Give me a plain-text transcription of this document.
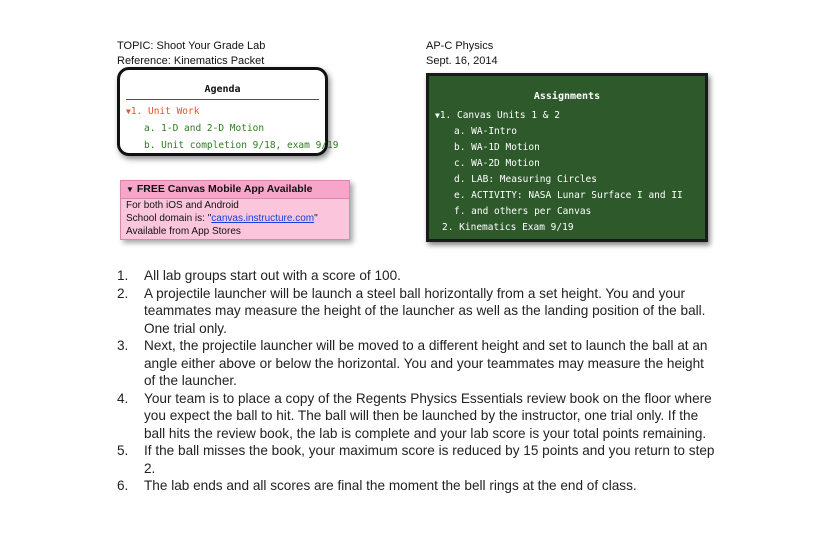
TOPIC: Shoot Your Grade Lab
Reference: Kinematics Packet
AP-C Physics
Sept. 16, 2014
Agenda
▼1. Unit Work
a. 1-D and 2-D Motion
b. Unit completion 9/18, exam 9/19
▼ FREE Canvas Mobile App Available
For both iOS and Android
School domain is: "canvas.instructure.com"
Available from App Stores
Assignments
▼1. Canvas Units 1 & 2
a. WA-Intro
b. WA-1D Motion
c. WA-2D Motion
d. LAB: Measuring Circles
e. ACTIVITY: NASA Lunar Surface I and II
f. and others per Canvas
2. Kinematics Exam 9/19

1. All lab groups start out with a score of 100.

2. A projectile launcher will be launch a steel ball horizontally from a set height. You and your teammates may measure the height of the launcher as well as the landing position of the ball. One trial only.

3. Next, the projectile launcher will be moved to a different height and set to launch the ball at an angle either above or below the horizontal. You and your teammates may measure the height of the launcher.

4. Your team is to place a copy of the Regents Physics Essentials review book on the floor where you expect the ball to hit. The ball will then be launched by the instructor, one trial only. If the ball hits the review book, the lab is complete and your lab score is your total points remaining.

5. If the ball misses the book, your maximum score is reduced by 15 points and you return to step 2.

6. The lab ends and all scores are final the moment the bell rings at the end of class.
